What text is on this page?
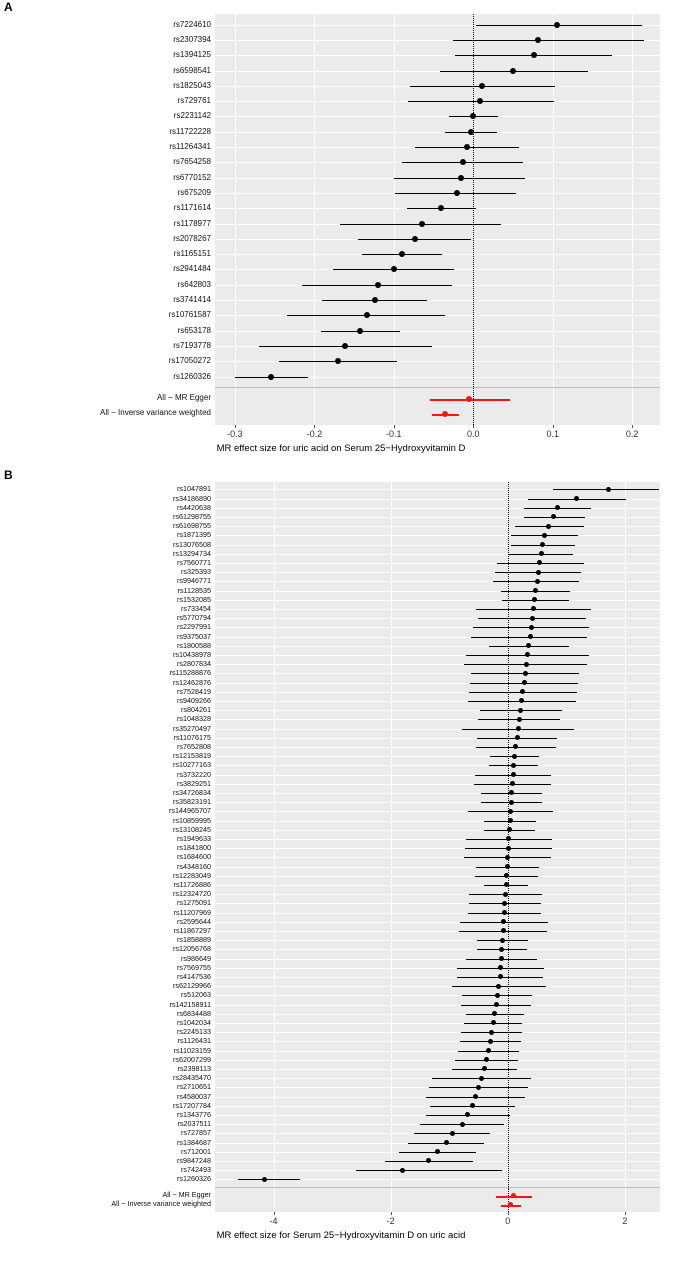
A
rs7224610
rs2307394
rs1394125
rs6598541
rs1825043
rs729761
rs2231142
rs11722228
rs11264341
rs7654258
rs6770152
rs675209
rs1171614
rs1178977
rs2078267
rs1165151
rs2941484
rs642803
rs3741414
rs10761587
rs653178
rs7193778
rs17050272
rs1260326
All − MR Egger
All − Inverse variance weighted
-0.3	-0.2	-0.1	0.0	0.1	0.2
MR effect size for uric acid on Serum 25−Hydroxyvitamin D
B
rs1047891
rs34186890
rs4420638
rs61298755
rs61698755
rs1871395
rs13076508
rs13294734
rs7560771
rs325393
rs9946771
rs1128535
rs1532085
rs733454
rs5770794
rs2297991
rs9375037
rs1800588
rs10438978
rs2807834
rs115288876
rs12462876
rs7528419
rs9409266
rs804261
rs1048328
rs35270497
rs11076175
rs7652808
rs12153819
rs10277163
rs3732220
rs3829251
rs34726834
rs35823191
rs144965707
rs10859995
rs13108245
rs1949633
rs1841800
rs1684600
rs4348160
rs12283049
rs11726886
rs12324720
rs1275091
rs11207969
rs2595644
rs11867297
rs1858889
rs12056768
rs986649
rs7569755
rs4147536
rs62129966
rs512063
rs142158911
rs6834488
rs1042034
rs2245133
rs1126431
rs11023159
rs62007299
rs2398113
rs28435470
rs2710651
rs4580037
rs17207784
rs1343776
rs2037511
rs727857
rs1384687
rs712001
rs9847248
rs742493
rs1260326
All − MR Egger
All − Inverse variance weighted
-4	-2	0	2
MR effect size for Serum 25−Hydroxyvitamin D on uric acid
